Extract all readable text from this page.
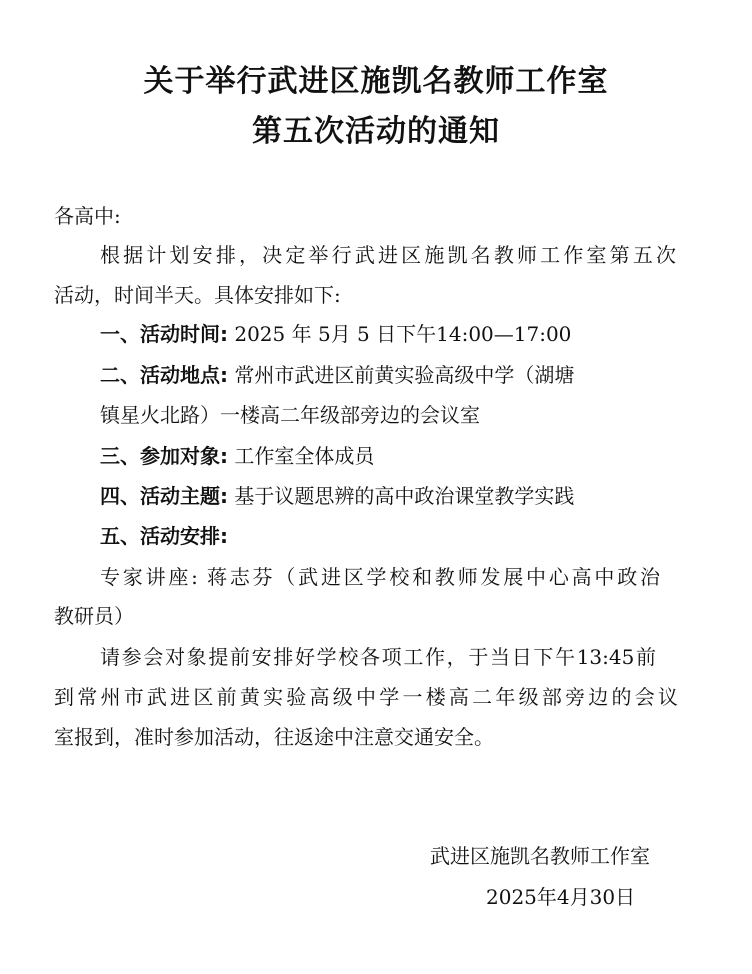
关于举行武进区施凯名教师工作室
第五次活动的通知
各高中:
根据计划安排，决定举行武进区施凯名教师工作室第五次
活动，时间半天。具体安排如下:
一、活动时间: 2025 年 5月 5 日下午14:00—17:00
二、活动地点: 常州市武进区前黄实验高级中学（湖塘
镇星火北路）一楼高二年级部旁边的会议室
三、参加对象: 工作室全体成员
四、活动主题: 基于议题思辨的高中政治课堂教学实践
五、活动安排:
专家讲座: 蒋志芬（武进区学校和教师发展中心高中政治
教研员）
请参会对象提前安排好学校各项工作，于当日下午13:45前
到常州市武进区前黄实验高级中学一楼高二年级部旁边的会议
室报到，准时参加活动，往返途中注意交通安全。
武进区施凯名教师工作室
2025年4月30日
